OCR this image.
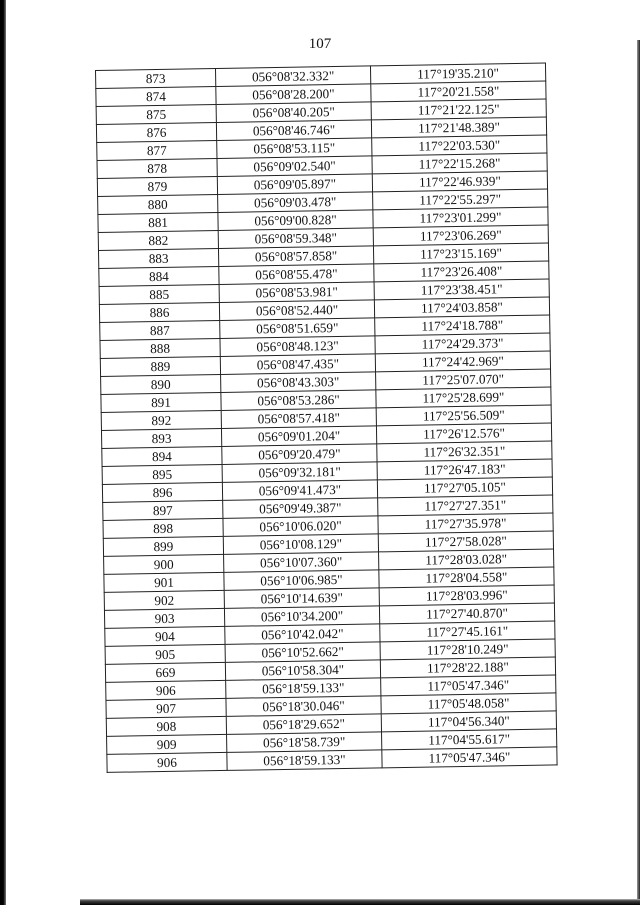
107
873	056°08'32.332"	117°19'35.210"
874	056°08'28.200"	117°20'21.558"
875	056°08'40.205"	117°21'22.125"
876	056°08'46.746"	117°21'48.389"
877	056°08'53.115"	117°22'03.530"
878	056°09'02.540"	117°22'15.268"
879	056°09'05.897"	117°22'46.939"
880	056°09'03.478"	117°22'55.297"
881	056°09'00.828"	117°23'01.299"
882	056°08'59.348"	117°23'06.269"
883	056°08'57.858"	117°23'15.169"
884	056°08'55.478"	117°23'26.408"
885	056°08'53.981"	117°23'38.451"
886	056°08'52.440"	117°24'03.858"
887	056°08'51.659"	117°24'18.788"
888	056°08'48.123"	117°24'29.373"
889	056°08'47.435"	117°24'42.969"
890	056°08'43.303"	117°25'07.070"
891	056°08'53.286"	117°25'28.699"
892	056°08'57.418"	117°25'56.509"
893	056°09'01.204"	117°26'12.576"
894	056°09'20.479"	117°26'32.351"
895	056°09'32.181"	117°26'47.183"
896	056°09'41.473"	117°27'05.105"
897	056°09'49.387"	117°27'27.351"
898	056°10'06.020"	117°27'35.978"
899	056°10'08.129"	117°27'58.028"
900	056°10'07.360"	117°28'03.028"
901	056°10'06.985"	117°28'04.558"
902	056°10'14.639"	117°28'03.996"
903	056°10'34.200"	117°27'40.870"
904	056°10'42.042"	117°27'45.161"
905	056°10'52.662"	117°28'10.249"
669	056°10'58.304"	117°28'22.188"
906	056°18'59.133"	117°05'47.346"
907	056°18'30.046"	117°05'48.058"
908	056°18'29.652"	117°04'56.340"
909	056°18'58.739"	117°04'55.617"
906	056°18'59.133"	117°05'47.346"
